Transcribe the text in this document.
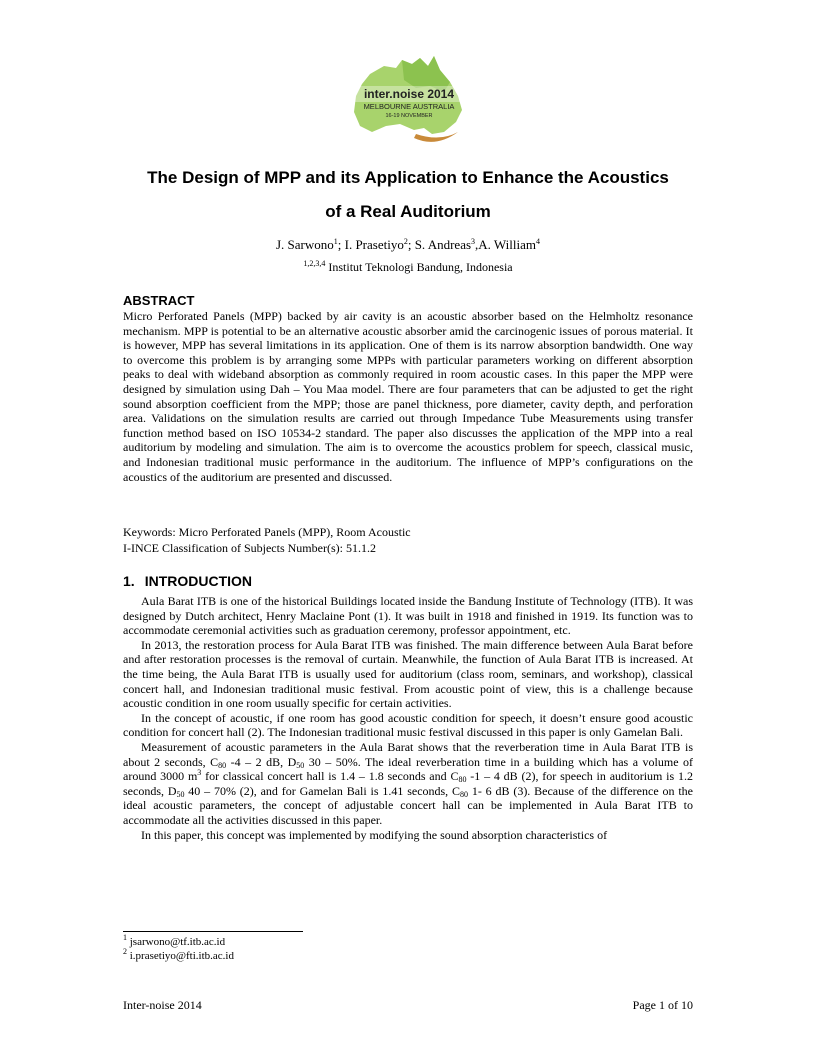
inter.noise 2014
MELBOURNE AUSTRALIA
16-19 NOVEMBER
The Design of MPP and its Application to Enhance the Acoustics
of a Real Auditorium
J. Sarwono$^1$; I. Prasetiyo$^2$; S. Andreas$^3$,A. William$^4$
$^{1,2,3,4}$ Institut Teknologi Bandung, Indonesia
ABSTRACT
Micro Perforated Panels (MPP) backed by air cavity is an acoustic absorber based on the Helmholtz resonance mechanism. MPP is potential to be an alternative acoustic absorber amid the carcinogenic issues of porous material. It is however, MPP has several limitations in its application. One of them is its narrow absorption bandwidth. One way to overcome this problem is by arranging some MPPs with particular parameters working on different absorption peaks to deal with wideband absorption as commonly required in room acoustic cases. In this paper the MPP were designed by simulation using Dah – You Maa model. There are four parameters that can be adjusted to get the right sound absorption coefficient from the MPP; those are panel thickness, pore diameter, cavity depth, and perforation area. Validations on the simulation results are carried out through Impedance Tube Measurements using transfer function method based on ISO 10534-2 standard. The paper also discusses the application of the MPP into a real auditorium by modeling and simulation. The aim is to overcome the acoustics problem for speech, classical music, and Indonesian traditional music performance in the auditorium. The influence of MPP’s configurations on the acoustics of the auditorium are presented and discussed.
Keywords: Micro Perforated Panels (MPP), Room Acoustic
I-INCE Classification of Subjects Number(s): 51.1.2
1. INTRODUCTION

Aula Barat ITB is one of the historical Buildings located inside the Bandung Institute of Technology (ITB). It was designed by Dutch architect, Henry Maclaine Pont (1). It was built in 1918 and finished in 1919. Its function was to accommodate ceremonial activities such as graduation ceremony, professor appointment, etc.

In 2013, the restoration process for Aula Barat ITB was finished. The main difference between Aula Barat before and after restoration processes is the removal of curtain. Meanwhile, the function of Aula Barat ITB is increased. At the time being, the Aula Barat ITB is usually used for auditorium (class room, seminars, and workshop), classical concert hall, and Indonesian traditional music festival. From acoustic point of view, this is a challenge because acoustic condition in one room usually specific for certain activities.

In the concept of acoustic, if one room has good acoustic condition for speech, it doesn’t ensure good acoustic condition for concert hall (2). The Indonesian traditional music festival discussed in this paper is only Gamelan Bali.

Measurement of acoustic parameters in the Aula Barat shows that the reverberation time in Aula Barat ITB is about 2 seconds, $C_{80}$ -4 – 2 dB, $D_{50}$ 30 – 50%. The ideal reverberation time in a building which has a volume of around 3000 $m^3$ for classical concert hall is 1.4 – 1.8 seconds and $C_{80}$ -1 – 4 dB (2), for speech in auditorium is 1.2 seconds, $D_{50}$ 40 – 70% (2), and for Gamelan Bali is 1.41 seconds, $C_{80}$ 1- 6 dB (3). Because of the difference on the ideal acoustic parameters, the concept of adjustable concert hall can be implemented in Aula Barat ITB to accommodate all the activities discussed in this paper.

In this paper, this concept was implemented by modifying the sound absorption characteristics of

$^1$ jsarwono@tf.itb.ac.id
$^2$ i.prasetiyo@fti.itb.ac.id
Inter-noise 2014	Page 1 of 10
